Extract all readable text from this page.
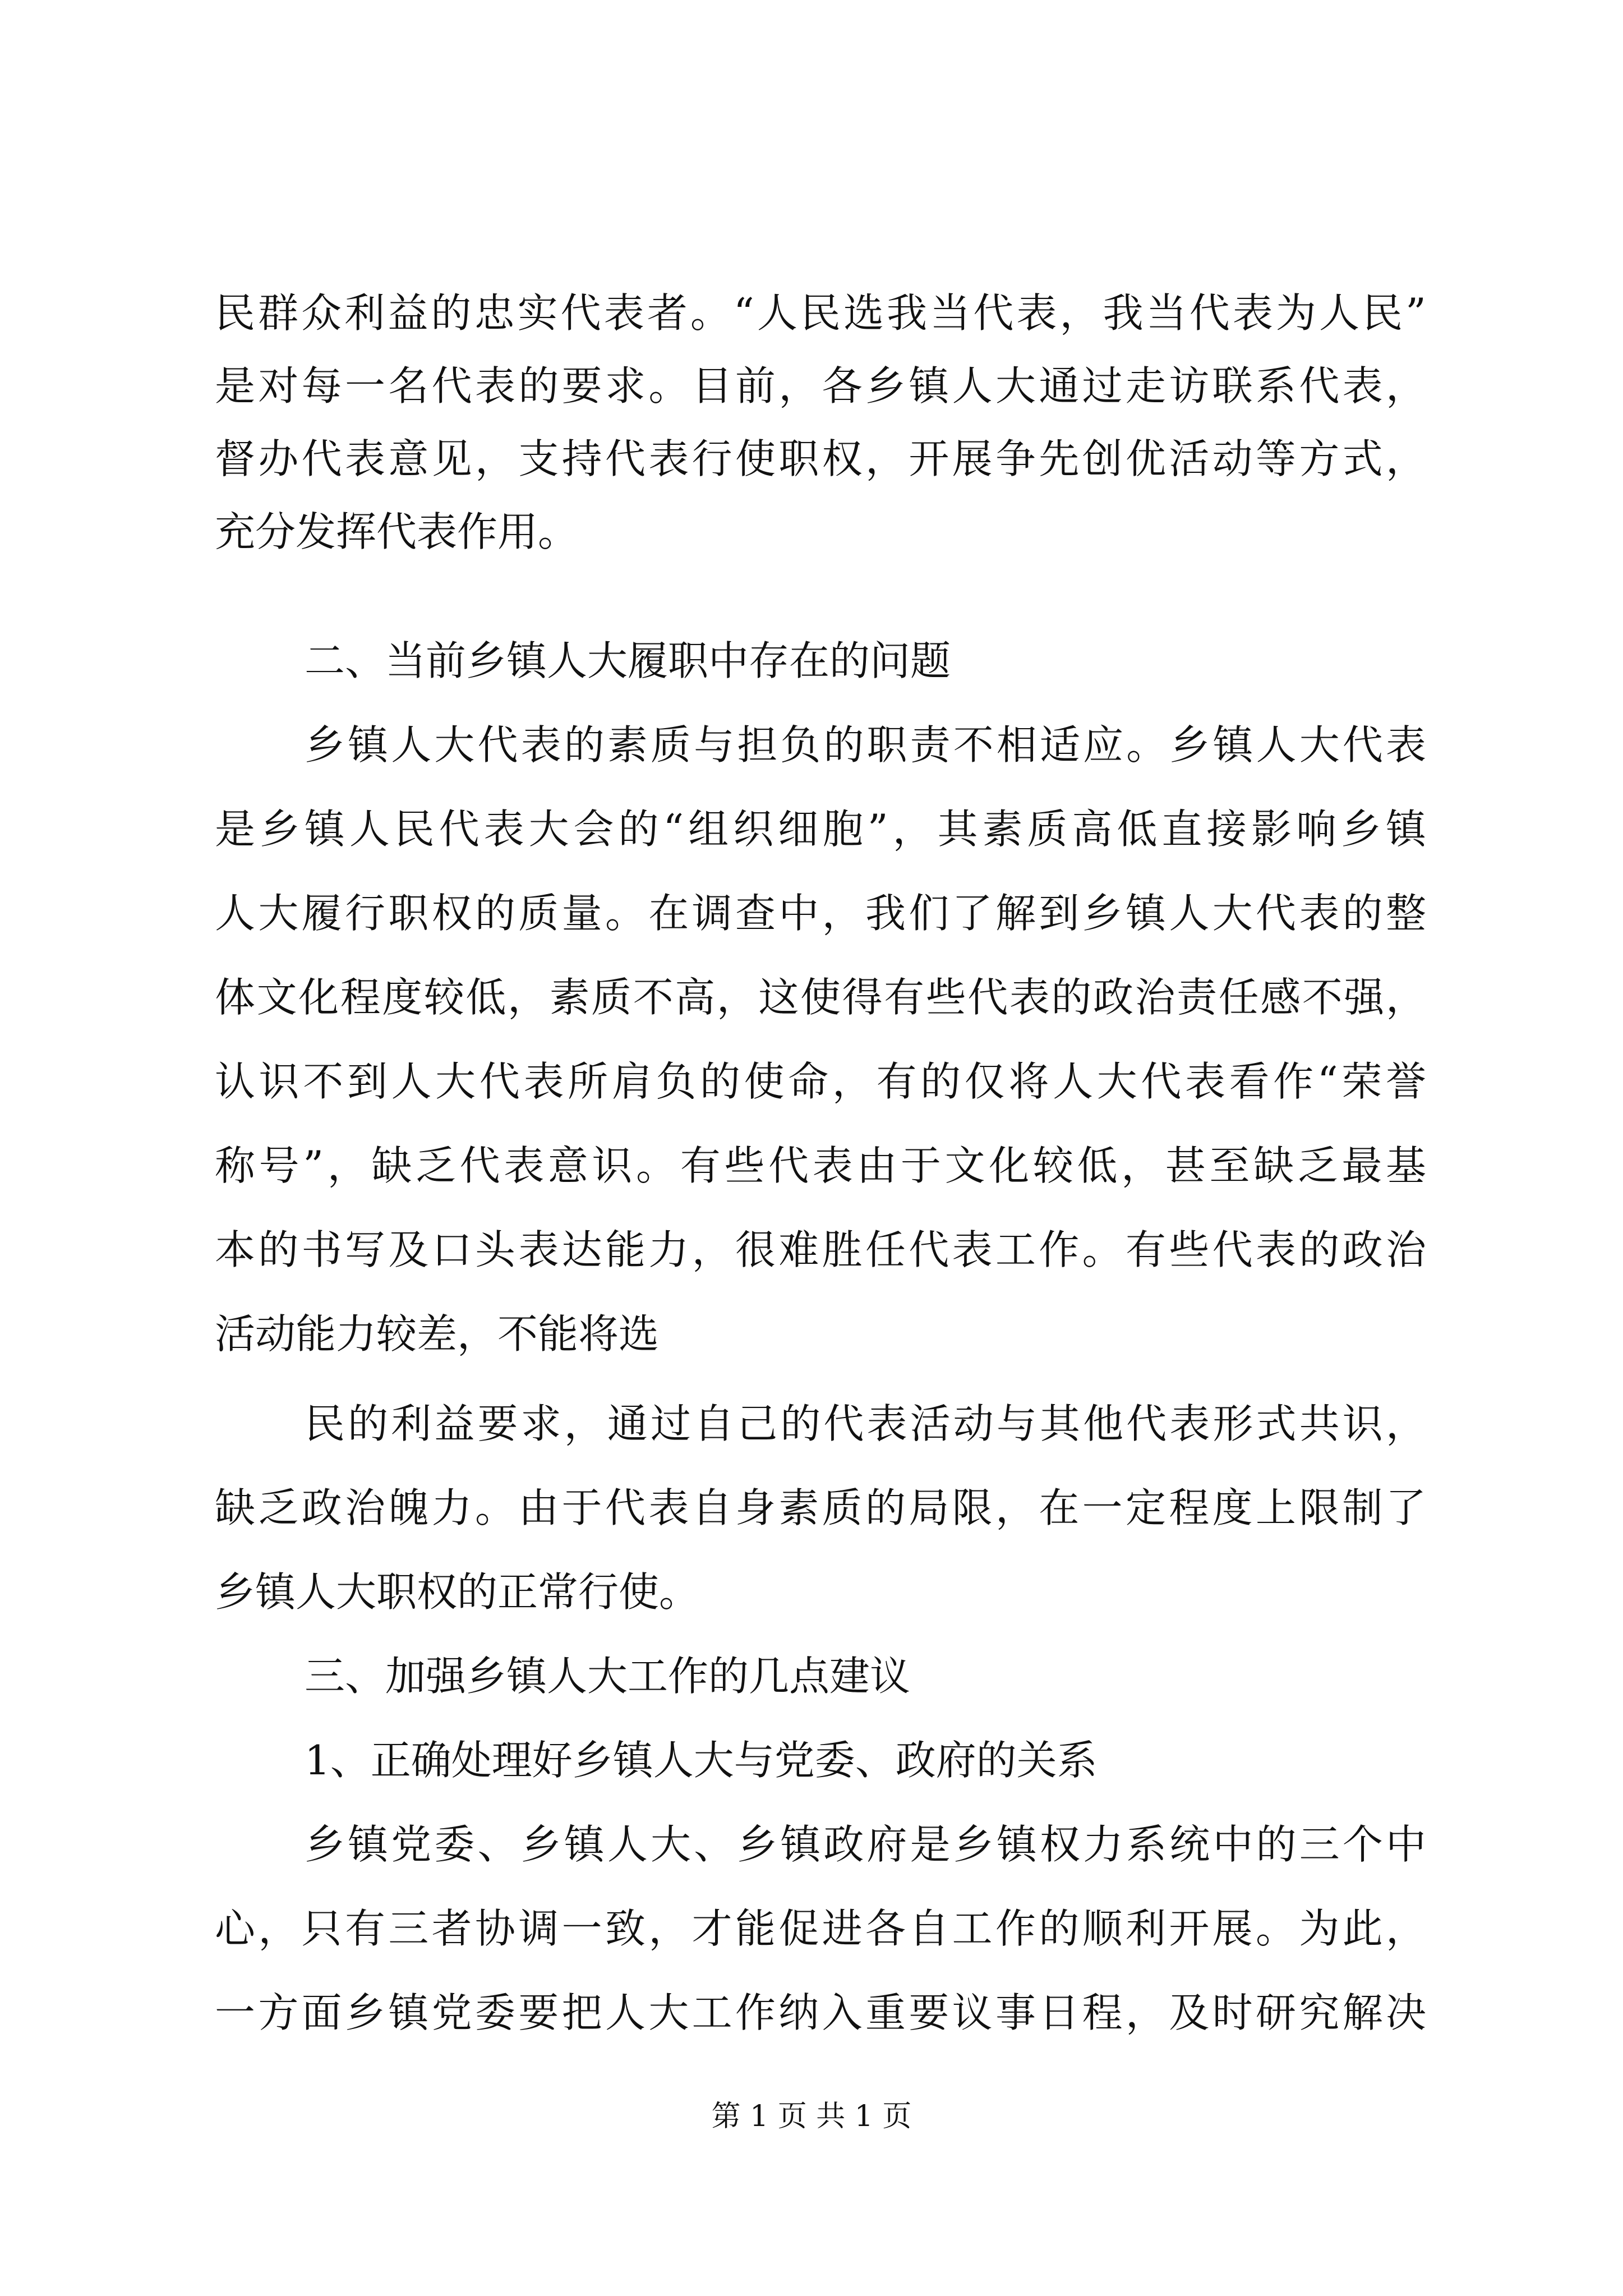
民群众利益的忠实代表者。“人民选我当代表，我当代表为人民”
是对每一名代表的要求。目前，各乡镇人大通过走访联系代表，
督办代表意见，支持代表行使职权，开展争先创优活动等方式，
充分发挥代表作用。
二、当前乡镇人大履职中存在的问题
乡镇人大代表的素质与担负的职责不相适应。乡镇人大代表
是乡镇人民代表大会的“组织细胞”，其素质高低直接影响乡镇
人大履行职权的质量。在调查中，我们了解到乡镇人大代表的整
体文化程度较低，素质不高，这使得有些代表的政治责任感不强，
认识不到人大代表所肩负的使命，有的仅将人大代表看作“荣誉
称号”，缺乏代表意识。有些代表由于文化较低，甚至缺乏最基
本的书写及口头表达能力，很难胜任代表工作。有些代表的政治
活动能力较差，不能将选
民的利益要求，通过自己的代表活动与其他代表形式共识，
缺乏政治魄力。由于代表自身素质的局限，在一定程度上限制了
乡镇人大职权的正常行使。
三、加强乡镇人大工作的几点建议
1、正确处理好乡镇人大与党委、政府的关系
乡镇党委、乡镇人大、乡镇政府是乡镇权力系统中的三个中
心，只有三者协调一致，才能促进各自工作的顺利开展。为此，
一方面乡镇党委要把人大工作纳入重要议事日程，及时研究解决
第 1 页 共 1 页
